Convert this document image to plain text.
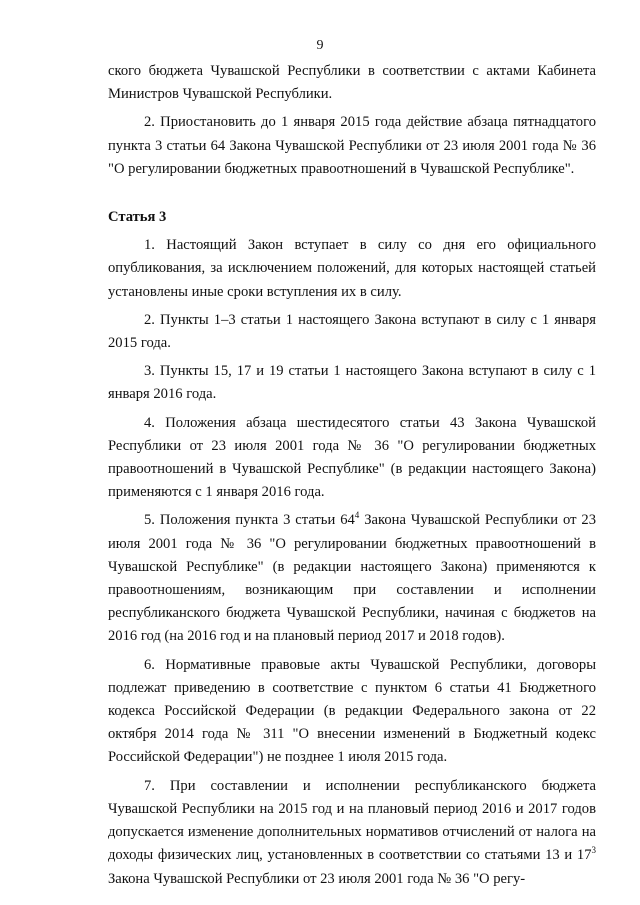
9

ского бюджета Чувашской Республики в соответствии с актами Кабинета Министров Чувашской Республики.

2. Приостановить до 1 января 2015 года действие абзаца пятнадцатого пункта 3 статьи 64 Закона Чувашской Республики от 23 июля 2001 года № 36 "О регулировании бюджетных правоотношений в Чувашской Республике".

Статья 3

1. Настоящий Закон вступает в силу со дня его официального опубликования, за исключением положений, для которых настоящей статьей установлены иные сроки вступления их в силу.

2. Пункты 1–3 статьи 1 настоящего Закона вступают в силу с 1 января 2015 года.

3. Пункты 15, 17 и 19 статьи 1 настоящего Закона вступают в силу с 1 января 2016 года.

4. Положения абзаца шестидесятого статьи 43 Закона Чувашской Республики от 23 июля 2001 года № 36 "О регулировании бюджетных правоотношений в Чувашской Республике" (в редакции настоящего Закона) применяются с 1 января 2016 года.

5. Положения пункта 3 статьи $64^4$ Закона Чувашской Республики от 23 июля 2001 года № 36 "О регулировании бюджетных правоотношений в Чувашской Республике" (в редакции настоящего Закона) применяются к правоотношениям, возникающим при составлении и исполнении республиканского бюджета Чувашской Республики, начиная с бюджетов на 2016 год (на 2016 год и на плановый период 2017 и 2018 годов).

6. Нормативные правовые акты Чувашской Республики, договоры подлежат приведению в соответствие с пунктом 6 статьи 41 Бюджетного кодекса Российской Федерации (в редакции Федерального закона от 22 октября 2014 года № 311 "О внесении изменений в Бюджетный кодекс Российской Федерации") не позднее 1 июля 2015 года.

7. При составлении и исполнении республиканского бюджета Чувашской Республики на 2015 год и на плановый период 2016 и 2017 годов допускается изменение дополнительных нормативов отчислений от налога на доходы физических лиц, установленных в соответствии со статьями 13 и $17^3$ Закона Чувашской Республики от 23 июля 2001 года № 36 "О регу-
